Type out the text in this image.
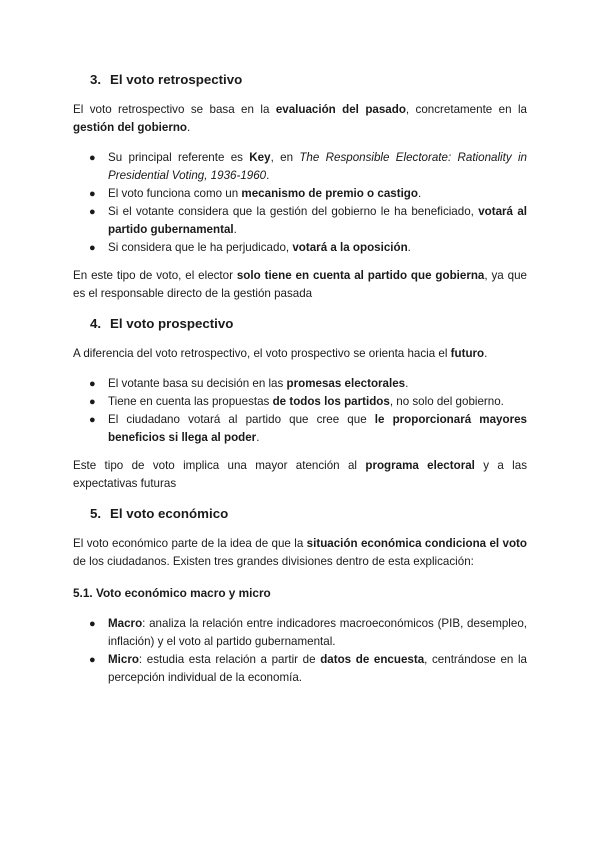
3. El voto retrospectivo

El voto retrospectivo se basa en la evaluación del pasado, concretamente en la gestión del gobierno.

● Su principal referente es Key, en The Responsible Electorate: Rationality in Presidential Voting, 1936-1960.
● El voto funciona como un mecanismo de premio o castigo.
● Si el votante considera que la gestión del gobierno le ha beneficiado, votará al partido gubernamental.
● Si considera que le ha perjudicado, votará a la oposición.

En este tipo de voto, el elector solo tiene en cuenta al partido que gobierna, ya que es el responsable directo de la gestión pasada

4. El voto prospectivo

A diferencia del voto retrospectivo, el voto prospectivo se orienta hacia el futuro.

● El votante basa su decisión en las promesas electorales.
● Tiene en cuenta las propuestas de todos los partidos, no solo del gobierno.
● El ciudadano votará al partido que cree que le proporcionará mayores beneficios si llega al poder.

Este tipo de voto implica una mayor atención al programa electoral y a las expectativas futuras

5. El voto económico

El voto económico parte de la idea de que la situación económica condiciona el voto de los ciudadanos. Existen tres grandes divisiones dentro de esta explicación:

5.1. Voto económico macro y micro
● Macro: analiza la relación entre indicadores macroeconómicos (PIB, desempleo, inflación) y el voto al partido gubernamental.
● Micro: estudia esta relación a partir de datos de encuesta, centrándose en la percepción individual de la economía.
